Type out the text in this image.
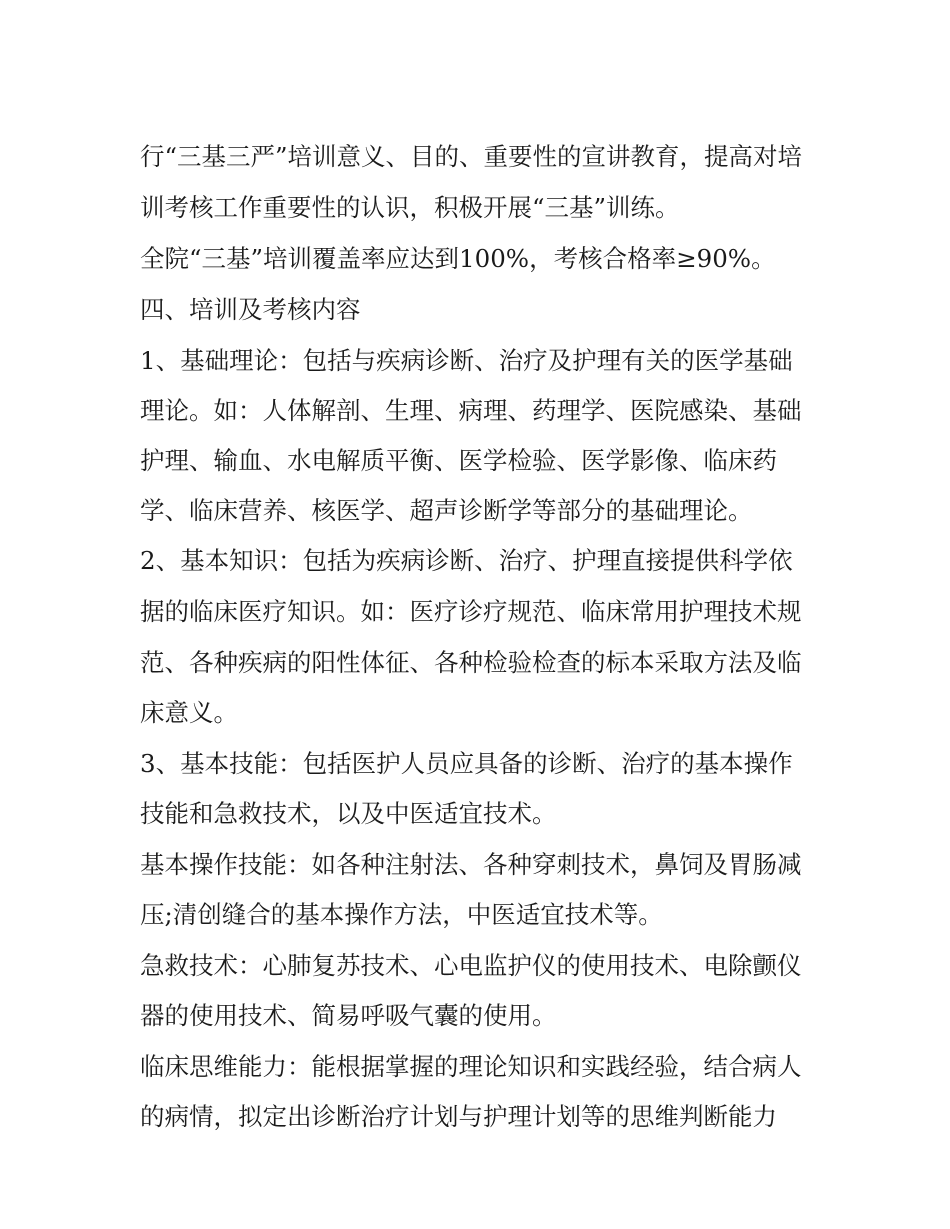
行“三基三严”培训意义、目的、重要性的宣讲教育，提高对培
训考核工作重要性的认识，积极开展“三基”训练。
全院“三基”培训覆盖率应达到100%，考核合格率≥90%。
四、培训及考核内容
1、基础理论：包括与疾病诊断、治疗及护理有关的医学基础
理论。如：人体解剖、生理、病理、药理学、医院感染、基础
护理、输血、水电解质平衡、医学检验、医学影像、临床药
学、临床营养、核医学、超声诊断学等部分的基础理论。
2、基本知识：包括为疾病诊断、治疗、护理直接提供科学依
据的临床医疗知识。如：医疗诊疗规范、临床常用护理技术规
范、各种疾病的阳性体征、各种检验检查的标本采取方法及临
床意义。
3、基本技能：包括医护人员应具备的诊断、治疗的基本操作
技能和急救技术，以及中医适宜技术。
基本操作技能：如各种注射法、各种穿刺技术，鼻饲及胃肠减
压;清创缝合的基本操作方法，中医适宜技术等。
急救技术：心肺复苏技术、心电监护仪的使用技术、电除颤仪
器的使用技术、简易呼吸气囊的使用。
临床思维能力：能根据掌握的理论知识和实践经验，结合病人
的病情，拟定出诊断治疗计划与护理计划等的思维判断能力
